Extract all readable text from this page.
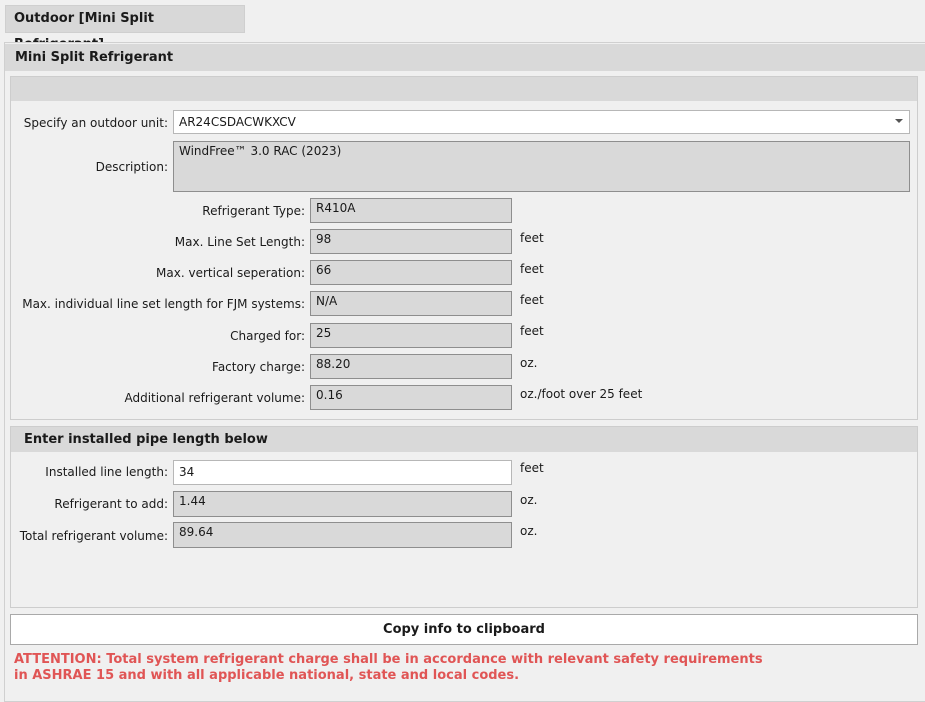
Outdoor [Mini Split
Mini Split Refrigerant
Specify an outdoor unit: AR24CSDACWKXCV
Description:
WindFree™ 3.0 RAC (2023)
Refrigerant Type: R410A
Max. Line Set Length: 98	feet
Max. vertical seperation: 66	feet
Max. individual line set length for FJM systems: N/A	feet
Charged for: 25	feet
Factory charge: 88.20	oz.
Additional refrigerant volume: 0.16	oz./foot over 25 feet
Enter installed pipe length below
Installed line length: 34	feet
Refrigerant to add: 1.44	oz.
Total refrigerant volume: 89.64	oz.
Copy info to clipboard
ATTENTION: Total system refrigerant charge shall be in accordance with relevant safety requirements
in ASHRAE 15 and with all applicable national, state and local codes.
